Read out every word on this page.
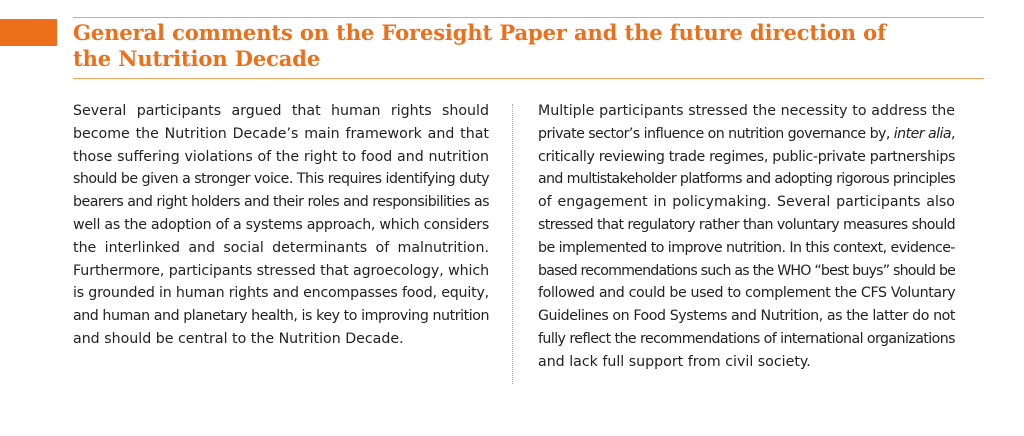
General comments on the Foresight Paper and the future direction of
the Nutrition Decade
Several participants argued that human rights should
become the Nutrition Decade’s main framework and that
those suffering violations of the right to food and nutrition
should be given a stronger voice. This requires identifying duty
bearers and right holders and their roles and responsibilities as
well as the adoption of a systems approach, which considers
the interlinked and social determinants of malnutrition.
Furthermore, participants stressed that agroecology, which
is grounded in human rights and encompasses food, equity,
and human and planetary health, is key to improving nutrition
and should be central to the Nutrition Decade.
Multiple participants stressed the necessity to address the
private sector’s influence on nutrition governance by, inter alia,
critically reviewing trade regimes, public-private partnerships
and multistakeholder platforms and adopting rigorous principles
of engagement in policymaking. Several participants also
stressed that regulatory rather than voluntary measures should
be implemented to improve nutrition. In this context, evidence-
based recommendations such as the WHO “best buys” should be
followed and could be used to complement the CFS Voluntary
Guidelines on Food Systems and Nutrition, as the latter do not
fully reflect the recommendations of international organizations
and lack full support from civil society.
